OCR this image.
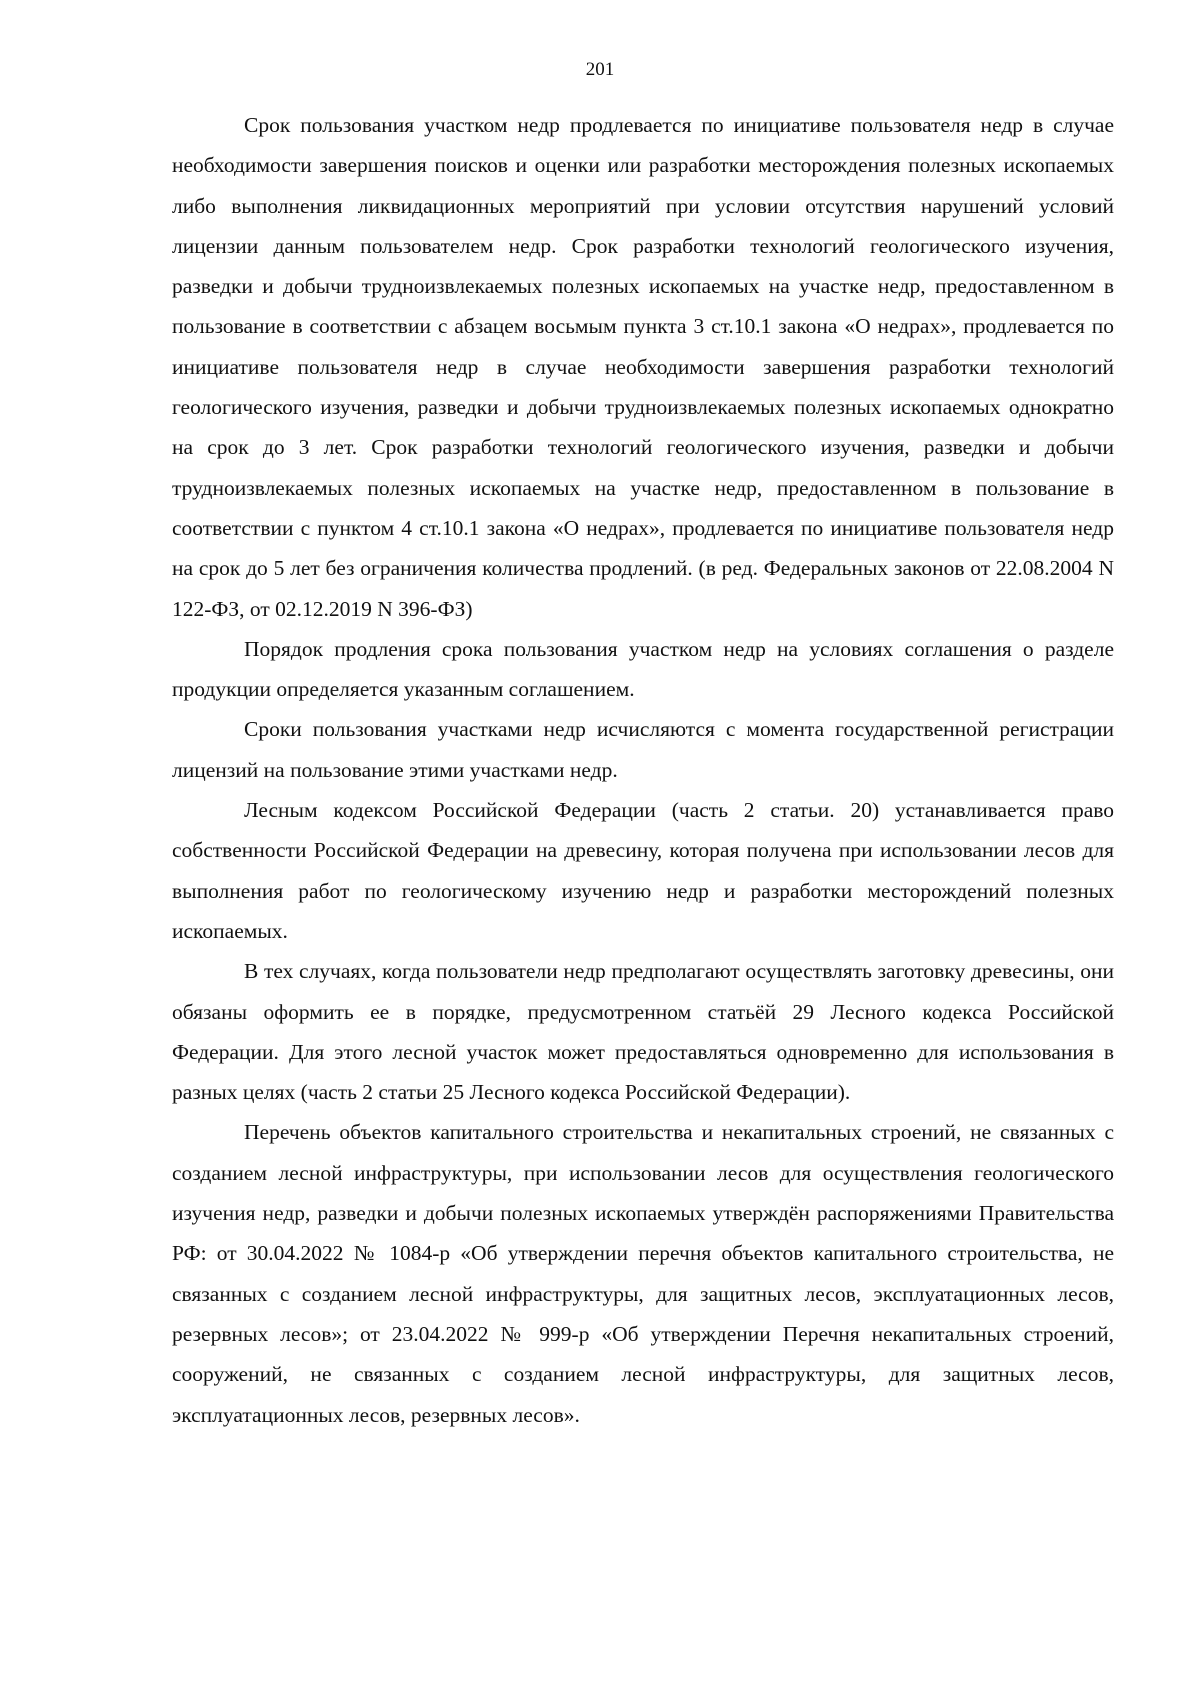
201

Срок пользования участком недр продлевается по инициативе пользователя недр в случае необходимости завершения поисков и оценки или разработки месторождения полезных ископаемых либо выполнения ликвидационных мероприятий при условии отсутствия нарушений условий лицензии данным пользователем недр. Срок разработки технологий геологического изучения, разведки и добычи трудноизвлекаемых полезных ископаемых на участке недр, предоставленном в пользование в соответствии с абзацем восьмым пункта 3 ст.10.1 закона «О недрах», продлевается по инициативе пользователя недр в случае необходимости завершения разработки технологий геологического изучения, разведки и добычи трудноизвлекаемых полезных ископаемых однократно на срок до 3 лет. Срок разработки технологий геологического изучения, разведки и добычи трудноизвлекаемых полезных ископаемых на участке недр, предоставленном в пользование в соответствии с пунктом 4 ст.10.1 закона «О недрах», продлевается по инициативе пользователя недр на срок до 5 лет без ограничения количества продлений. (в ред. Федеральных законов от 22.08.2004 N 122-ФЗ, от 02.12.2019 N 396-ФЗ)

Порядок продления срока пользования участком недр на условиях соглашения о разделе продукции определяется указанным соглашением.

Сроки пользования участками недр исчисляются с момента государственной регистрации лицензий на пользование этими участками недр.

Лесным кодексом Российской Федерации (часть 2 статьи. 20) устанавливается право собственности Российской Федерации на древесину, которая получена при использовании лесов для выполнения работ по геологическому изучению недр и разработки месторождений полезных ископаемых.

В тех случаях, когда пользователи недр предполагают осуществлять заготовку древесины, они обязаны оформить ее в порядке, предусмотренном статьёй 29 Лесного кодекса Российской Федерации. Для этого лесной участок может предоставляться одновременно для использования в разных целях (часть 2 статьи 25 Лесного кодекса Российской Федерации).

Перечень объектов капитального строительства и некапитальных строений, не связанных с созданием лесной инфраструктуры, при использовании лесов для осуществления геологического изучения недр, разведки и добычи полезных ископаемых утверждён распоряжениями Правительства РФ: от 30.04.2022 № 1084-р «Об утверждении перечня объектов капитального строительства, не связанных с созданием лесной инфраструктуры, для защитных лесов, эксплуатационных лесов, резервных лесов»; от 23.04.2022 № 999-р «Об утверждении Перечня некапитальных строений, сооружений, не связанных с созданием лесной инфраструктуры, для защитных лесов, эксплуатационных лесов, резервных лесов».
